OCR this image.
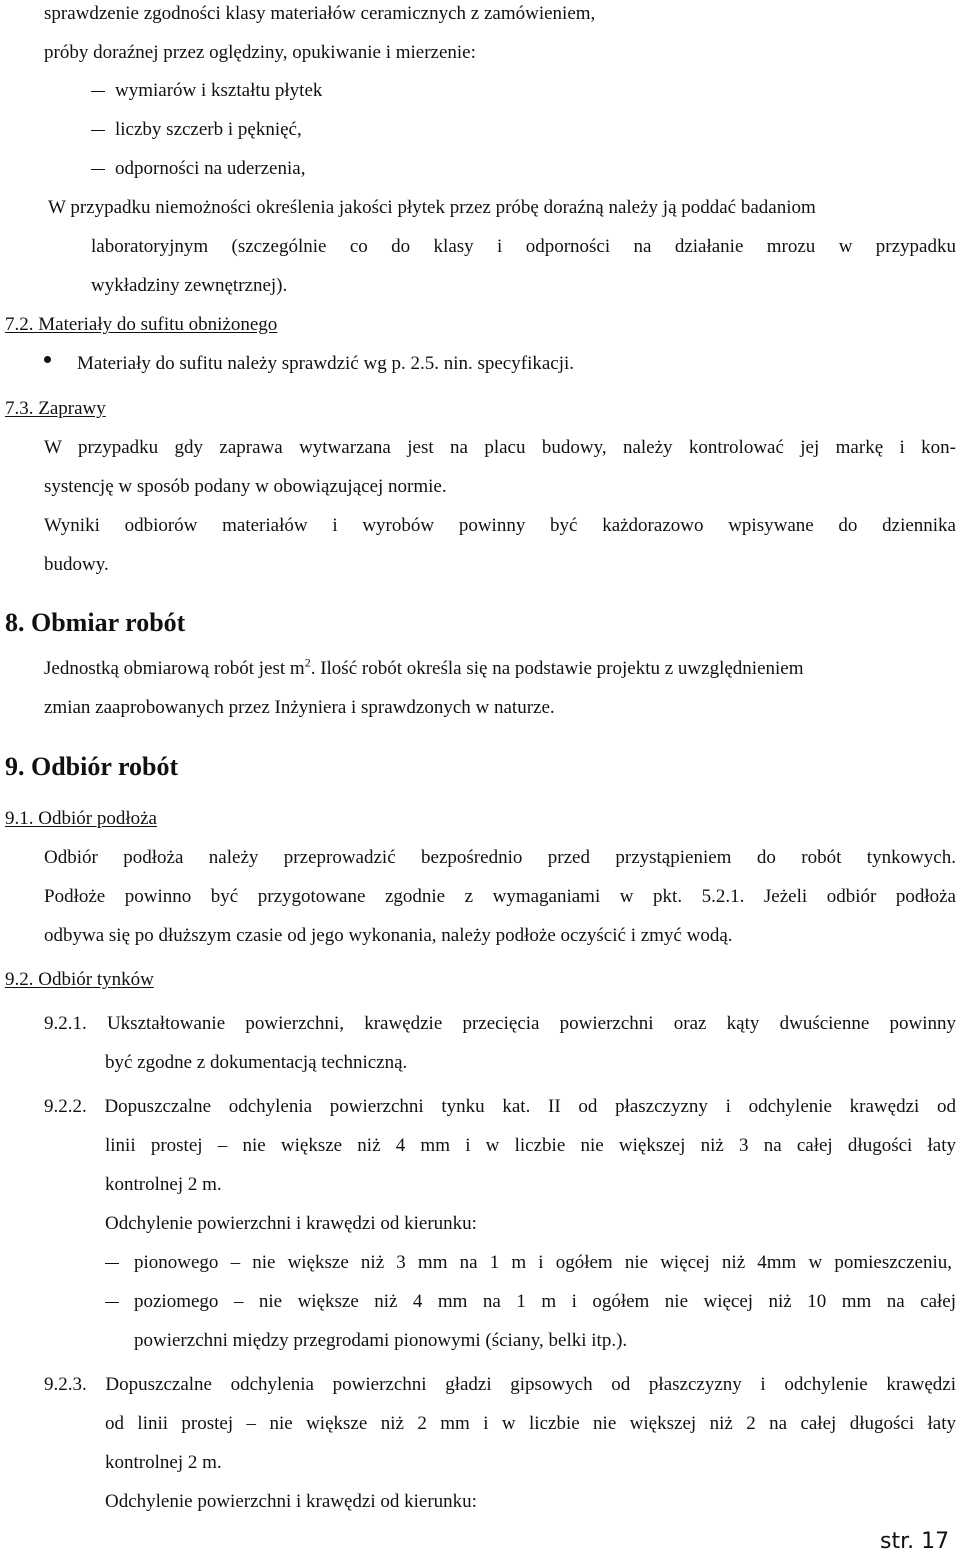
sprawdzenie zgodności klasy materiałów ceramicznych z zamówieniem,
próby doraźnej przez oględziny, opukiwanie i mierzenie:
wymiarów i kształtu płytek
liczby szczerb i pęknięć,
odporności na uderzenia,
W przypadku niemożności określenia jakości płytek przez próbę doraźną należy ją poddać badaniom
laboratoryjnym (szczególnie co do klasy i odporności na działanie mrozu w przypadku
wykładziny zewnętrznej).
7.2. Materiały do sufitu obniżonego
Materiały do sufitu należy sprawdzić wg p. 2.5. nin. specyfikacji.
7.3. Zaprawy
W przypadku gdy zaprawa wytwarzana jest na placu budowy, należy kontrolować jej markę i kon-
systencję w sposób podany w obowiązującej normie.
Wyniki odbiorów materiałów i wyrobów powinny być każdorazowo wpisywane do dziennika
budowy.
8. Obmiar robót
Jednostką obmiarową robót jest $m^2$. Ilość robót określa się na podstawie projektu z uwzględnieniem
zmian zaaprobowanych przez Inżyniera i sprawdzonych w naturze.
9. Odbiór robót
9.1. Odbiór podłoża
Odbiór podłoża należy przeprowadzić bezpośrednio przed przystąpieniem do robót tynkowych.
Podłoże powinno być przygotowane zgodnie z wymaganiami w pkt. 5.2.1. Jeżeli odbiór podłoża
odbywa się po dłuższym czasie od jego wykonania, należy podłoże oczyścić i zmyć wodą.
9.2. Odbiór tynków
9.2.1. Ukształtowanie powierzchni, krawędzie przecięcia powierzchni oraz kąty dwuścienne powinny
być zgodne z dokumentacją techniczną.
9.2.2. Dopuszczalne odchylenia powierzchni tynku kat. II od płaszczyzny i odchylenie krawędzi od
linii prostej – nie większe niż 4 mm i w liczbie nie większej niż 3 na całej długości łaty
kontrolnej 2 m.
Odchylenie powierzchni i krawędzi od kierunku:
pionowego – nie większe niż 3 mm na 1 m i ogółem nie więcej niż 4mm w pomieszczeniu,
poziomego – nie większe niż 4 mm na 1 m i ogółem nie więcej niż 10 mm na całej
powierzchni między przegrodami pionowymi (ściany, belki itp.).
9.2.3. Dopuszczalne odchylenia powierzchni gładzi gipsowych od płaszczyzny i odchylenie krawędzi
od linii prostej – nie większe niż 2 mm i w liczbie nie większej niż 2 na całej długości łaty
kontrolnej 2 m.
Odchylenie powierzchni i krawędzi od kierunku:
str. 17
